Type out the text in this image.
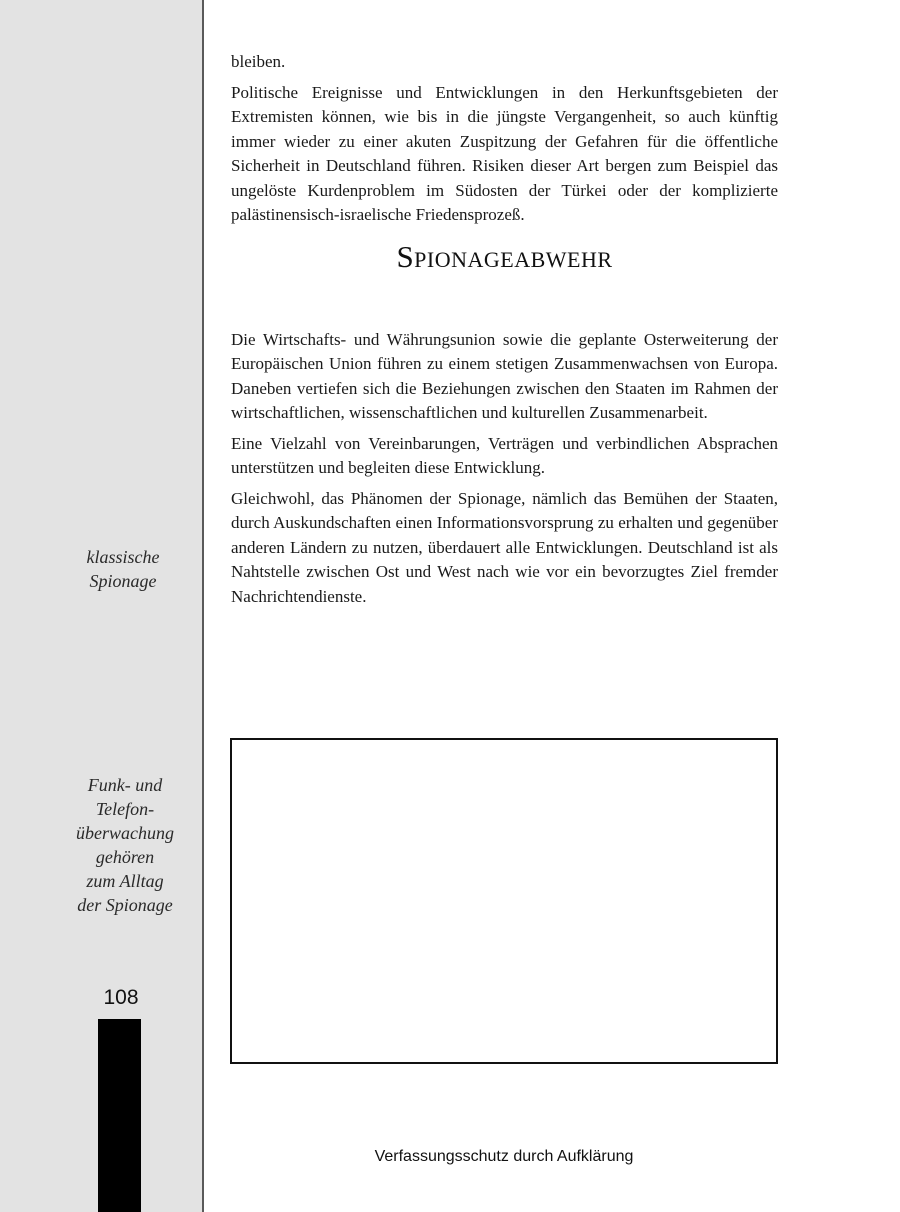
klassische
Spionage
Funk- und
Telefon-
überwachung
gehören
zum Alltag
der Spionage
108

bleiben.

Politische Ereignisse und Entwicklungen in den Herkunftsgebieten der Extremisten können, wie bis in die jüngste Vergangenheit, so auch künftig immer wieder zu einer akuten Zuspitzung der Gefahren für die öffentliche Sicherheit in Deutschland führen. Risiken dieser Art bergen zum Beispiel das ungelöste Kurdenproblem im Südosten der Türkei oder der komplizierte palästinensisch-israelische Friedensprozeß.

Spionageabwehr

Die Wirtschafts- und Währungsunion sowie die geplante Osterweiterung der Europäischen Union führen zu einem stetigen Zusammenwachsen von Europa. Daneben vertiefen sich die Beziehungen zwischen den Staaten im Rahmen der wirtschaftlichen, wissenschaftlichen und kulturellen Zusammenarbeit.

Eine Vielzahl von Vereinbarungen, Verträgen und verbindlichen Absprachen unterstützen und begleiten diese Entwicklung.

Gleichwohl, das Phänomen der Spionage, nämlich das Bemühen der Staaten, durch Auskundschaften einen Informationsvorsprung zu erhalten und gegenüber anderen Ländern zu nutzen, überdauert alle Entwicklungen. Deutschland ist als Nahtstelle zwischen Ost und West nach wie vor ein bevorzugtes Ziel fremder Nachrichtendienste.

Verfassungsschutz durch Aufklärung
